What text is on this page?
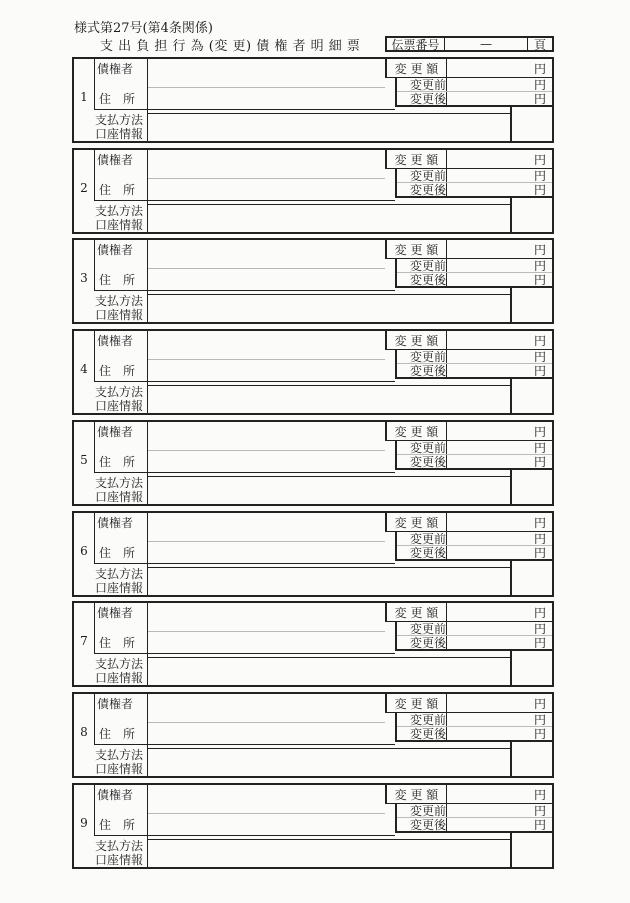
様式第27号(第4条関係)
支 出 負 担 行 為 (変 更) 債 権 者 明 細 票	伝票番号	—	頁
1
債権者
住　所
支払方法
口座情報
変 更 額	円
変更前	円
変更後	円
2
債権者
住　所
支払方法
口座情報
変 更 額	円
変更前	円
変更後	円
3
債権者
住　所
支払方法
口座情報
変 更 額	円
変更前	円
変更後	円
4
債権者
住　所
支払方法
口座情報
変 更 額	円
変更前	円
変更後	円
5
債権者
住　所
支払方法
口座情報
変 更 額	円
変更前	円
変更後	円
6
債権者
住　所
支払方法
口座情報
変 更 額	円
変更前	円
変更後	円
7
債権者
住　所
支払方法
口座情報
変 更 額	円
変更前	円
変更後	円
8
債権者
住　所
支払方法
口座情報
変 更 額	円
変更前	円
変更後	円
9
債権者
住　所
支払方法
口座情報
変 更 額	円
変更前	円
変更後	円
